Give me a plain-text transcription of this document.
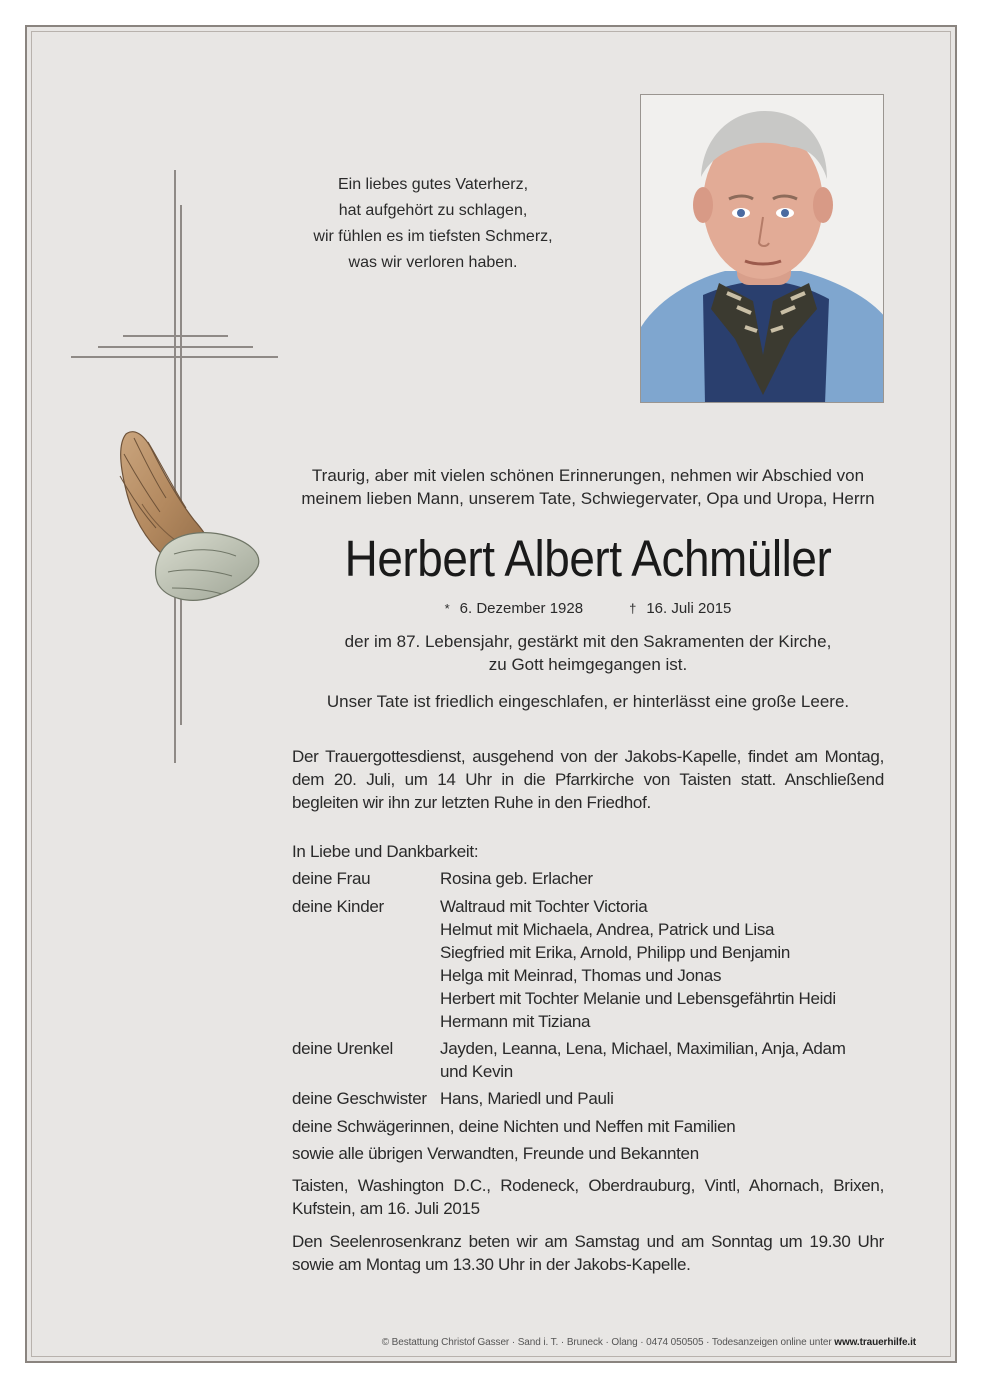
Ein liebes gutes Vaterherz,
hat aufgehört zu schlagen,
wir fühlen es im tiefsten Schmerz,
was wir verloren haben.
Traurig, aber mit vielen schönen Erinnerungen, nehmen wir Abschied von
meinem lieben Mann, unserem Tate, Schwiegervater, Opa und Uropa, Herrn
Herbert Albert Achmüller
* 6. Dezember 1928	† 16. Juli 2015
der im 87. Lebensjahr, gestärkt mit den Sakramenten der Kirche,
zu Gott heimgegangen ist.
Unser Tate ist friedlich eingeschlafen, er hinterlässt eine große Leere.
Der Trauergottesdienst, ausgehend von der Jakobs-Kapelle, findet am Montag,
dem 20. Juli, um 14 Uhr in die Pfarrkirche von Taisten statt. Anschließend
begleiten wir ihn zur letzten Ruhe in den Friedhof.
In Liebe und Dankbarkeit:
deine Frau	Rosina geb. Erlacher
deine Kinder	Waltraud mit Tochter Victoria
Helmut mit Michaela, Andrea, Patrick und Lisa
Siegfried mit Erika, Arnold, Philipp und Benjamin
Helga mit Meinrad, Thomas und Jonas
Herbert mit Tochter Melanie und Lebensgefährtin Heidi
Hermann mit Tiziana
deine Urenkel	Jayden, Leanna, Lena, Michael, Maximilian, Anja, Adam
und Kevin
deine Geschwister Hans, Mariedl und Pauli
deine Schwägerinnen, deine Nichten und Neffen mit Familien
sowie alle übrigen Verwandten, Freunde und Bekannten
Taisten, Washington D.C., Rodeneck, Oberdrauburg, Vintl, Ahornach, Brixen,
Kufstein, am 16. Juli 2015
Den Seelenrosenkranz beten wir am Samstag und am Sonntag um 19.30 Uhr
sowie am Montag um 13.30 Uhr in der Jakobs-Kapelle.
© Bestattung Christof Gasser · Sand i. T. · Bruneck · Olang · 0474 050505 · Todesanzeigen online unter www.trauerhilfe.it
